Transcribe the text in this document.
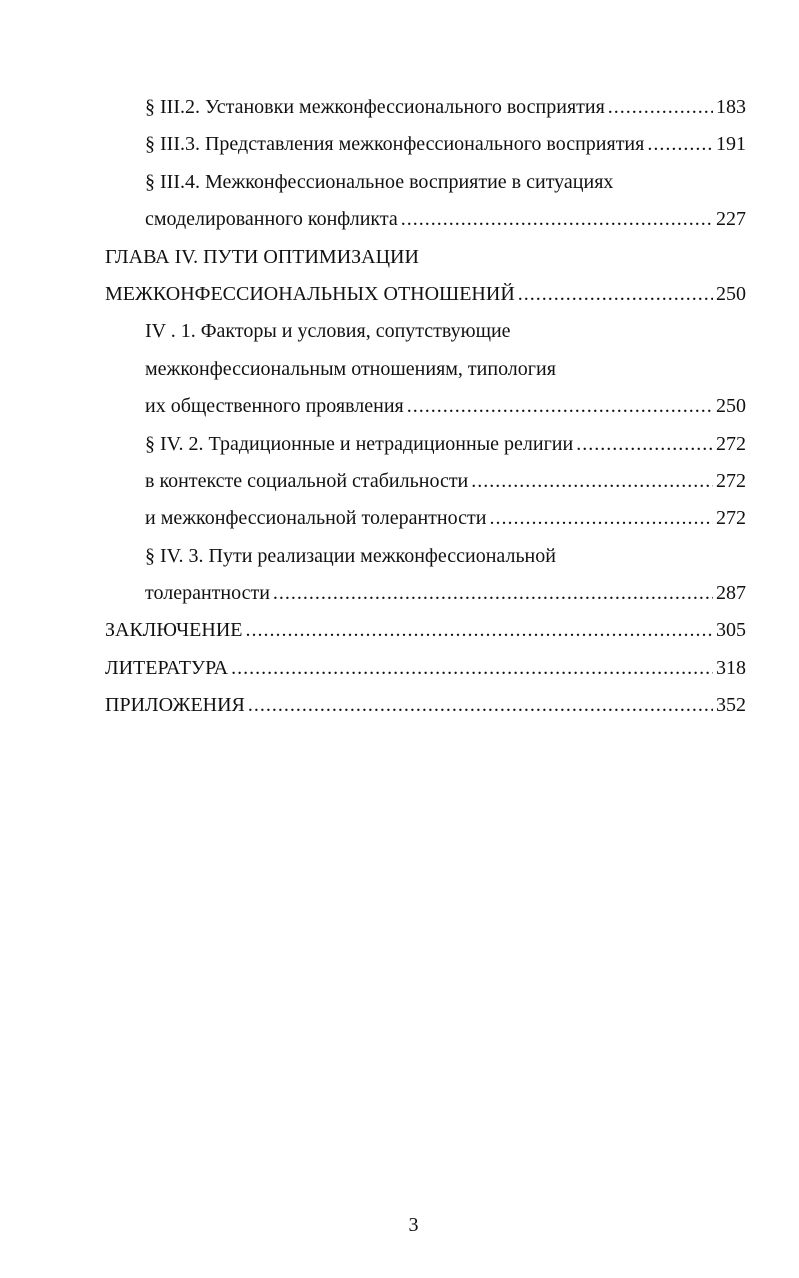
§ III.2. Установки межконфессионального восприятия .....	183
§ III.3. Представления межконфессионального восприятия .....	191
§ III.4. Межконфессиональное восприятие в ситуациях
смоделированного конфликта .....	227
ГЛАВА IV. ПУТИ ОПТИМИЗАЦИИ
МЕЖКОНФЕССИОНАЛЬНЫХ ОТНОШЕНИЙ .....	250
IV . 1. Факторы и условия, сопутствующие
межконфессиональным отношениям, типология
их общественного проявления .....	250
§ IV. 2. Традиционные и нетрадиционные религии .....	272
в контексте социальной стабильности .....	272
и межконфессиональной толерантности .....	272
§ IV. 3. Пути реализации межконфессиональной
толерантности .....	287
ЗАКЛЮЧЕНИЕ .....	305
ЛИТЕРАТУРА .....	318
ПРИЛОЖЕНИЯ .....	352
3
